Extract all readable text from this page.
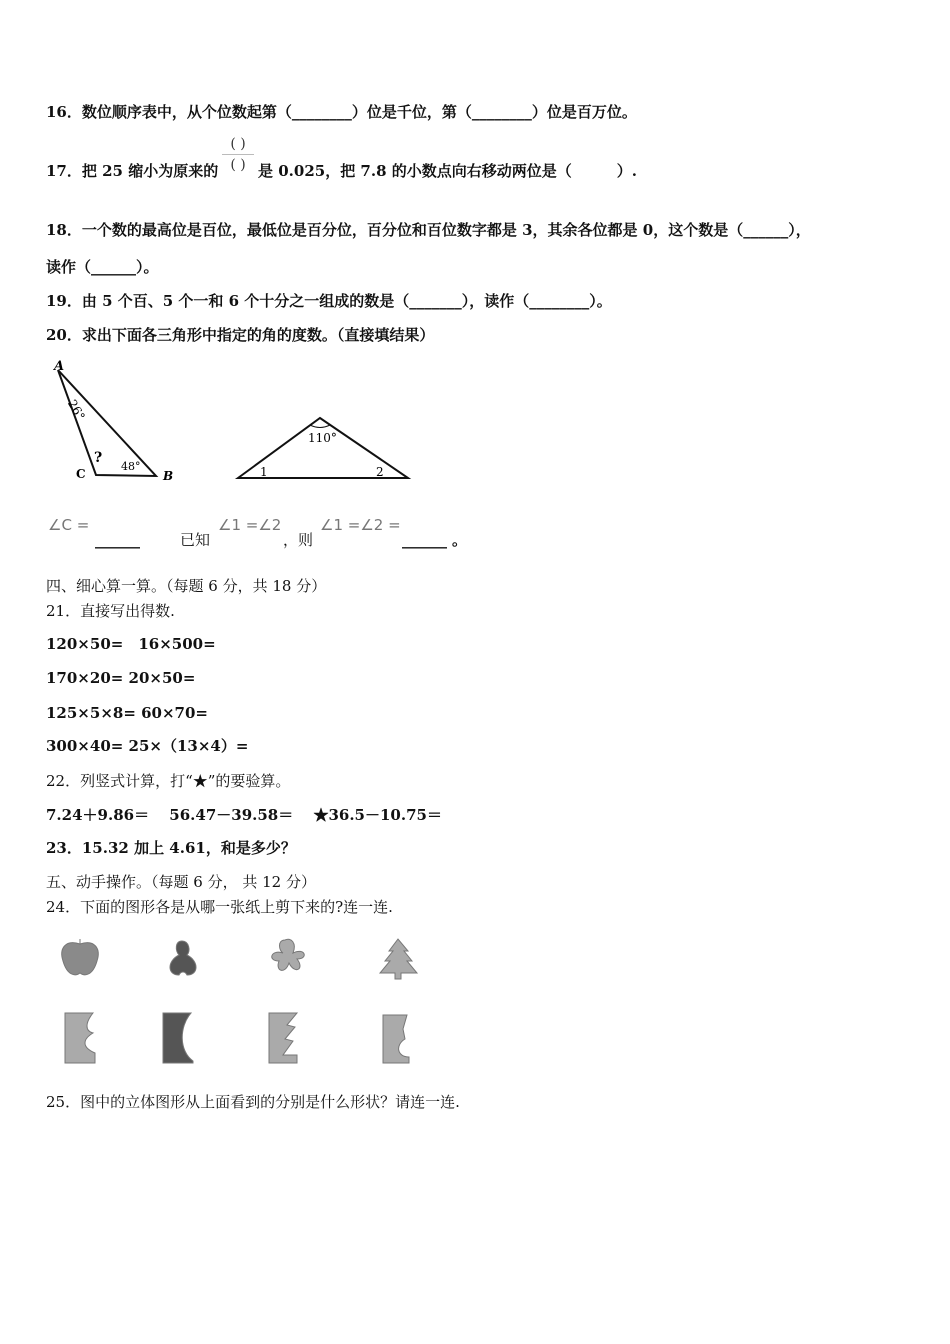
16．数位顺序表中，从个位数起第（________）位是千位，第（________）位是百万位。
( )
( )
17．把 25 缩小为原来的	是 0.025，把 7.8 的小数点向右移动两位是（　　　）.
18．一个数的最高位是百位，最低位是百分位，百分位和百位数字都是 3，其余各位都是 0，这个数是（______），
读作（______）。
19．由 5 个百、5 个一和 6 个十分之一组成的数是（_______），读作（________）。
20．求出下面各三角形中指定的角的度数。（直接填结果）
A
C	B
26°
48°
?
110°
1	2
∠C =
______	已知
∠1 =∠2
，则
∠1 =∠2 =
______ 。
四、细心算一算。（每题 6 分，共 18 分）
21．直接写出得数.
120×50=　16×500=
170×20= 20×50=
125×5×8= 60×70=
300×40= 25×（13×4）=
22．列竖式计算，打“★”的要验算。
7.24＋9.86＝　 56.47－39.58＝　 ★36.5－10.75＝
23．15.32 加上 4.61，和是多少？
五、动手操作。（每题 6 分， 共 12 分）
24．下面的图形各是从哪一张纸上剪下来的?连一连.
25．图中的立体图形从上面看到的分别是什么形状？请连一连.
